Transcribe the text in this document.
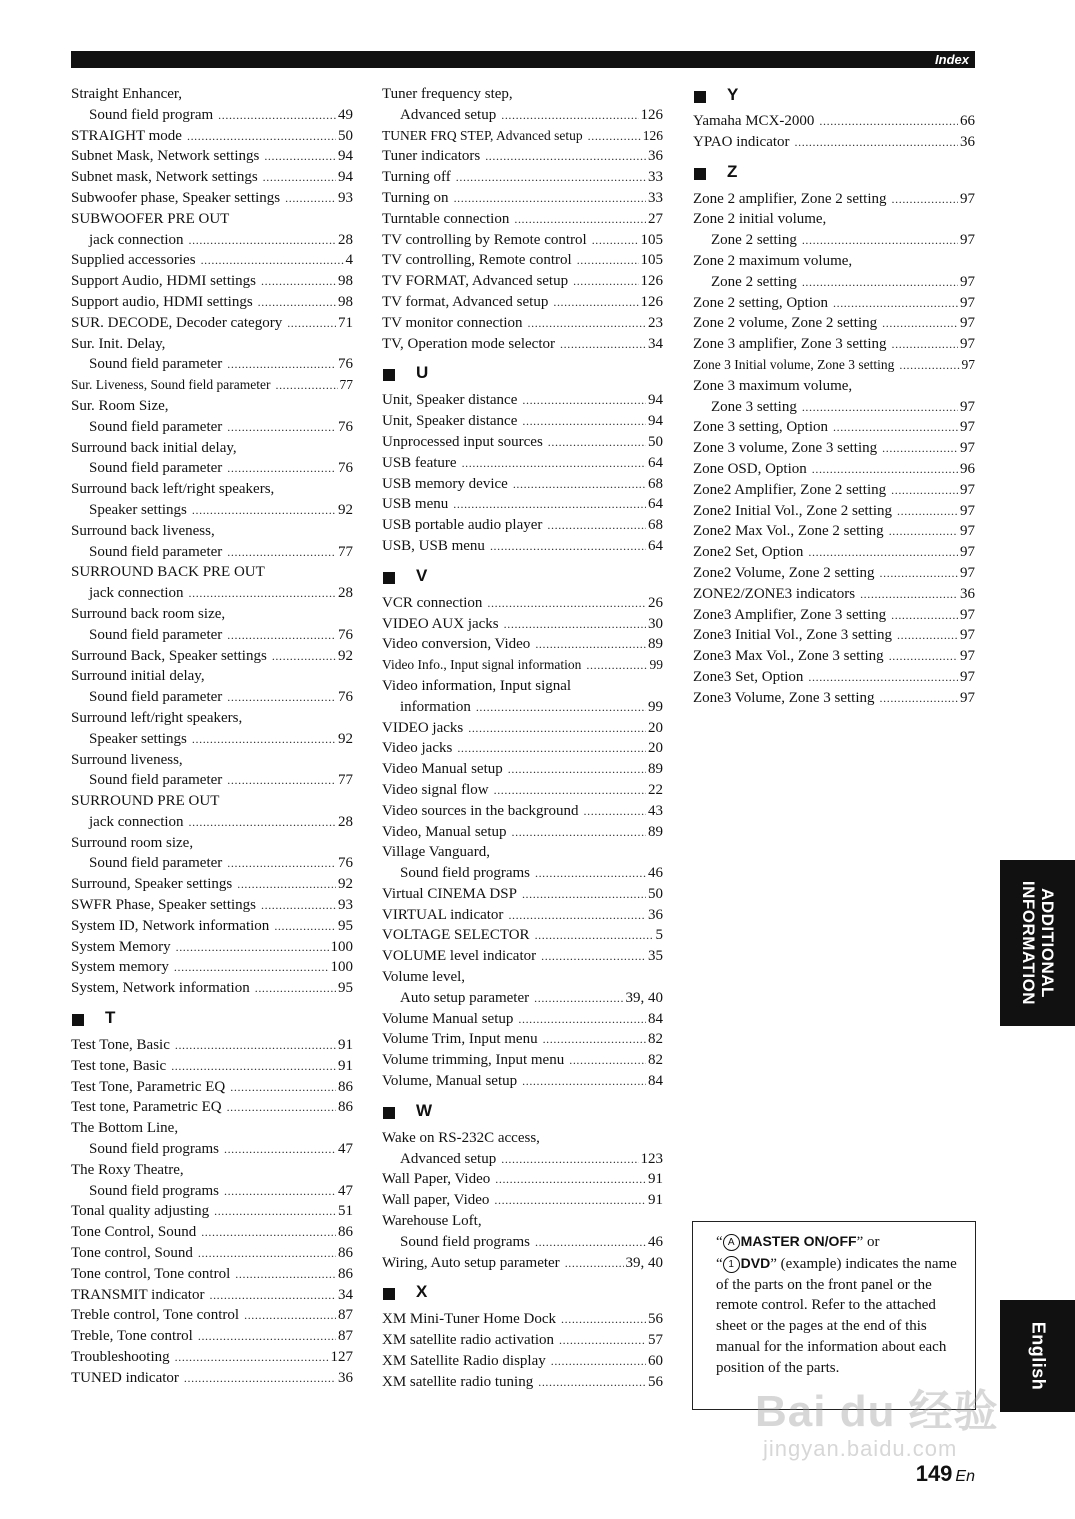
Index
Straight Enhancer,
Sound field program .....	49
STRAIGHT mode .....	50
Subnet Mask, Network settings .....	94
Subnet mask, Network settings .....	94
Subwoofer phase, Speaker settings .....	93
SUBWOOFER PRE OUT
jack connection .....	28
Supplied accessories .....	4
Support Audio, HDMI settings .....	98
Support audio, HDMI settings .....	98
SUR. DECODE, Decoder category .....	71
Sur. Init. Delay,
Sound field parameter .....	76
Sur. Liveness, Sound field parameter .....	77
Sur. Room Size,
Sound field parameter .....	76
Surround back initial delay,
Sound field parameter .....	76
Surround back left/right speakers,
Speaker settings .....	92
Surround back liveness,
Sound field parameter .....	77
SURROUND BACK PRE OUT
jack connection .....	28
Surround back room size,
Sound field parameter .....	76
Surround Back, Speaker settings .....	92
Surround initial delay,
Sound field parameter .....	76
Surround left/right speakers,
Speaker settings .....	92
Surround liveness,
Sound field parameter .....	77
SURROUND PRE OUT
jack connection .....	28
Surround room size,
Sound field parameter .....	76
Surround, Speaker settings .....	92
SWFR Phase, Speaker settings .....	93
System ID, Network information .....	95
System Memory .....	100
System memory .....	100
System, Network information .....	95
T
Test Tone, Basic .....	91
Test tone, Basic .....	91
Test Tone, Parametric EQ .....	86
Test tone, Parametric EQ .....	86
The Bottom Line,
Sound field programs .....	47
The Roxy Theatre,
Sound field programs .....	47
Tonal quality adjusting .....	51
Tone Control, Sound .....	86
Tone control, Sound .....	86
Tone control, Tone control .....	86
TRANSMIT indicator .....	34
Treble control, Tone control .....	87
Treble, Tone control .....	87
Troubleshooting .....	127
TUNED indicator .....	36
Tuner frequency step,
Advanced setup .....	126
TUNER FRQ STEP, Advanced setup .....	126
Tuner indicators .....	36
Turning off .....	33
Turning on .....	33
Turntable connection .....	27
TV controlling by Remote control .....	105
TV controlling, Remote control .....	105
TV FORMAT, Advanced setup .....	126
TV format, Advanced setup .....	126
TV monitor connection .....	23
TV, Operation mode selector .....	34
U
Unit, Speaker distance .....	94
Unit, Speaker distance .....	94
Unprocessed input sources .....	50
USB feature .....	64
USB memory device .....	68
USB menu .....	64
USB portable audio player .....	68
USB, USB menu .....	64
V
VCR connection .....	26
VIDEO AUX jacks .....	30
Video conversion, Video .....	89
Video Info., Input signal information .....	99
Video information, Input signal
information .....	99
VIDEO jacks .....	20
Video jacks .....	20
Video Manual setup .....	89
Video signal flow .....	22
Video sources in the background .....	43
Video, Manual setup .....	89
Village Vanguard,
Sound field programs .....	46
Virtual CINEMA DSP .....	50
VIRTUAL indicator .....	36
VOLTAGE SELECTOR .....	5
VOLUME level indicator .....	35
Volume level,
Auto setup parameter .....	39, 40
Volume Manual setup .....	84
Volume Trim, Input menu .....	82
Volume trimming, Input menu .....	82
Volume, Manual setup .....	84
W
Wake on RS-232C access,
Advanced setup .....	123
Wall Paper, Video .....	91
Wall paper, Video .....	91
Warehouse Loft,
Sound field programs .....	46
Wiring, Auto setup parameter .....	39, 40
X
XM Mini-Tuner Home Dock .....	56
XM satellite radio activation .....	57
XM Satellite Radio display .....	60
XM satellite radio tuning .....	56
Y
Yamaha MCX-2000 .....	66
YPAO indicator .....	36
Z
Zone 2 amplifier, Zone 2 setting .....	97
Zone 2 initial volume,
Zone 2 setting .....	97
Zone 2 maximum volume,
Zone 2 setting .....	97
Zone 2 setting, Option .....	97
Zone 2 volume, Zone 2 setting .....	97
Zone 3 amplifier, Zone 3 setting .....	97
Zone 3 Initial volume, Zone 3 setting .....	97
Zone 3 maximum volume,
Zone 3 setting .....	97
Zone 3 setting, Option .....	97
Zone 3 volume, Zone 3 setting .....	97
Zone OSD, Option .....	96
Zone2 Amplifier, Zone 2 setting .....	97
Zone2 Initial Vol., Zone 2 setting .....	97
Zone2 Max Vol., Zone 2 setting .....	97
Zone2 Set, Option .....	97
Zone2 Volume, Zone 2 setting .....	97
ZONE2/ZONE3 indicators .....	36
Zone3 Amplifier, Zone 3 setting .....	97
Zone3 Initial Vol., Zone 3 setting .....	97
Zone3 Max Vol., Zone 3 setting .....	97
Zone3 Set, Option .....	97
Zone3 Volume, Zone 3 setting .....	97
ADDITIONAL
INFORMATION
English
“ A MASTER ON/OFF” or
“ 1 DVD” (example) indicates the name of the parts on the front panel or the remote control. Refer to the attached sheet or the pages at the end of this manual for the information about each position of the parts.
Bai du 经验
jingyan.baidu.com
149 En
